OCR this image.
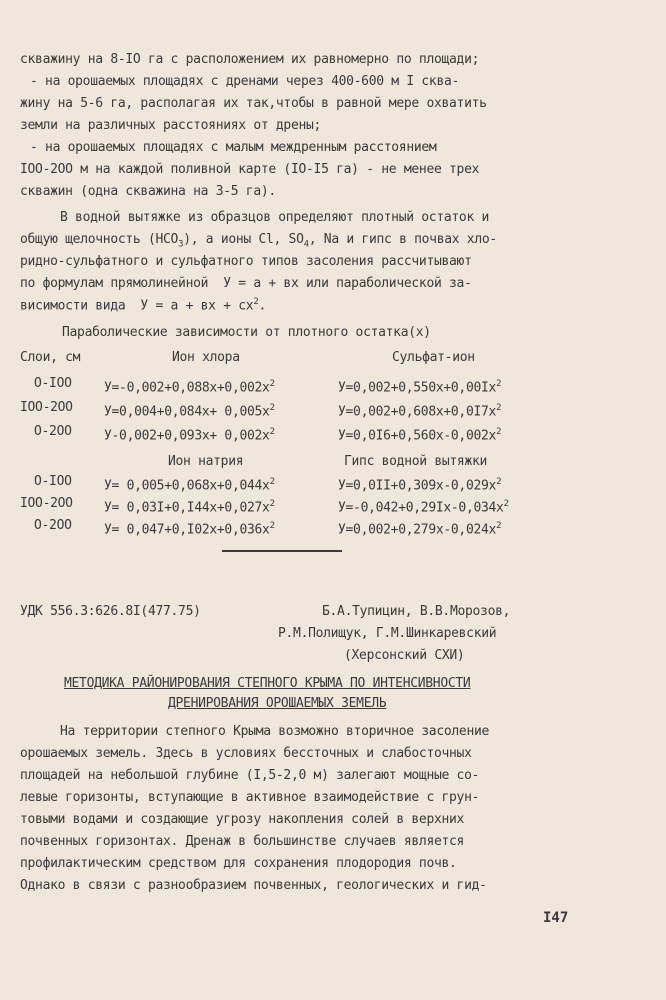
скважину на 8-IО га с расположением их равномерно по площади;
- на орошаемых площадях с дренами через 400-600 м I сква-
жину на 5-6 га, располагая их так,чтобы в равной мере охватить
земли на различных расстояниях от дрены;
- на орошаемых площадях с малым междренным расстоянием
IОО-2ОО м на каждой поливной карте (IО-I5 га) - не менее трех
скважин (одна скважина на 3-5 га).
В водной вытяжке из образцов определяют плотный остаток и
общую щелочность $(HCO_3)$, а ионы Cl, $SO_4$, Na и гипс в почвах хло-
ридно-сульфатного и сульфатного типов засоления рассчитывают
по формулам прямолинейной  У = а + вх или параболической за-
висимости вида  У = а + вх + $сх^2$.
Параболические зависимости от плотного остатка(х)
Слои, см	Ион хлора	Сульфат-ион
О-IОО $У=-0,002+0,088х+0,002х^2$	$У=0,002+0,550х+0,00Iх^2$
IОО-2ОО $У=0,004+0,084х+ 0,005х^2$	$У=0,002+0,608х+0,0I7х^2$
О-2ОО $У-0,002+0,093х+ 0,002х^2$	$У=0,0I6+0,560х-0,002х^2$
Ион натрия	Гипс водной вытяжки
О-IОО $У= 0,005+0,068х+0,044х^2$	$У=0,0II+0,309х-0,029х^2$
IОО-2ОО $У= 0,03I+0,I44х+0,027х^2$	$У=-0,042+0,29Iх-0,034х^2$
О-2ОО $У= 0,047+0,I02х+0,036х^2$	$У=0,002+0,279х-0,024х^2$
УДК 556.3:626.8I(477.75)	Б.А.Тупицин, В.В.Морозов,
Р.М.Полищук, Г.М.Шинкаревский
(Херсонский СХИ)
МЕТОДИКА РАЙОНИРОВАНИЯ СТЕПНОГО КРЫМА ПО ИНТЕНСИВНОСТИ
ДРЕНИРОВАНИЯ ОРОШАЕМЫХ ЗЕМЕЛЬ
На территории степного Крыма возможно вторичное засоление
орошаемых земель. Здесь в условиях бессточных и слабосточных
площадей на небольшой глубине (I,5-2,0 м) залегают мощные со-
левые горизонты, вступающие в активное взаимодействие с грун-
товыми водами и создающие угрозу накопления солей в верхних
почвенных горизонтах. Дренаж в большинстве случаев является
профилактическим средством для сохранения плодородия почв.
Однако в связи с разнообразием почвенных, геологических и гид-
I47
